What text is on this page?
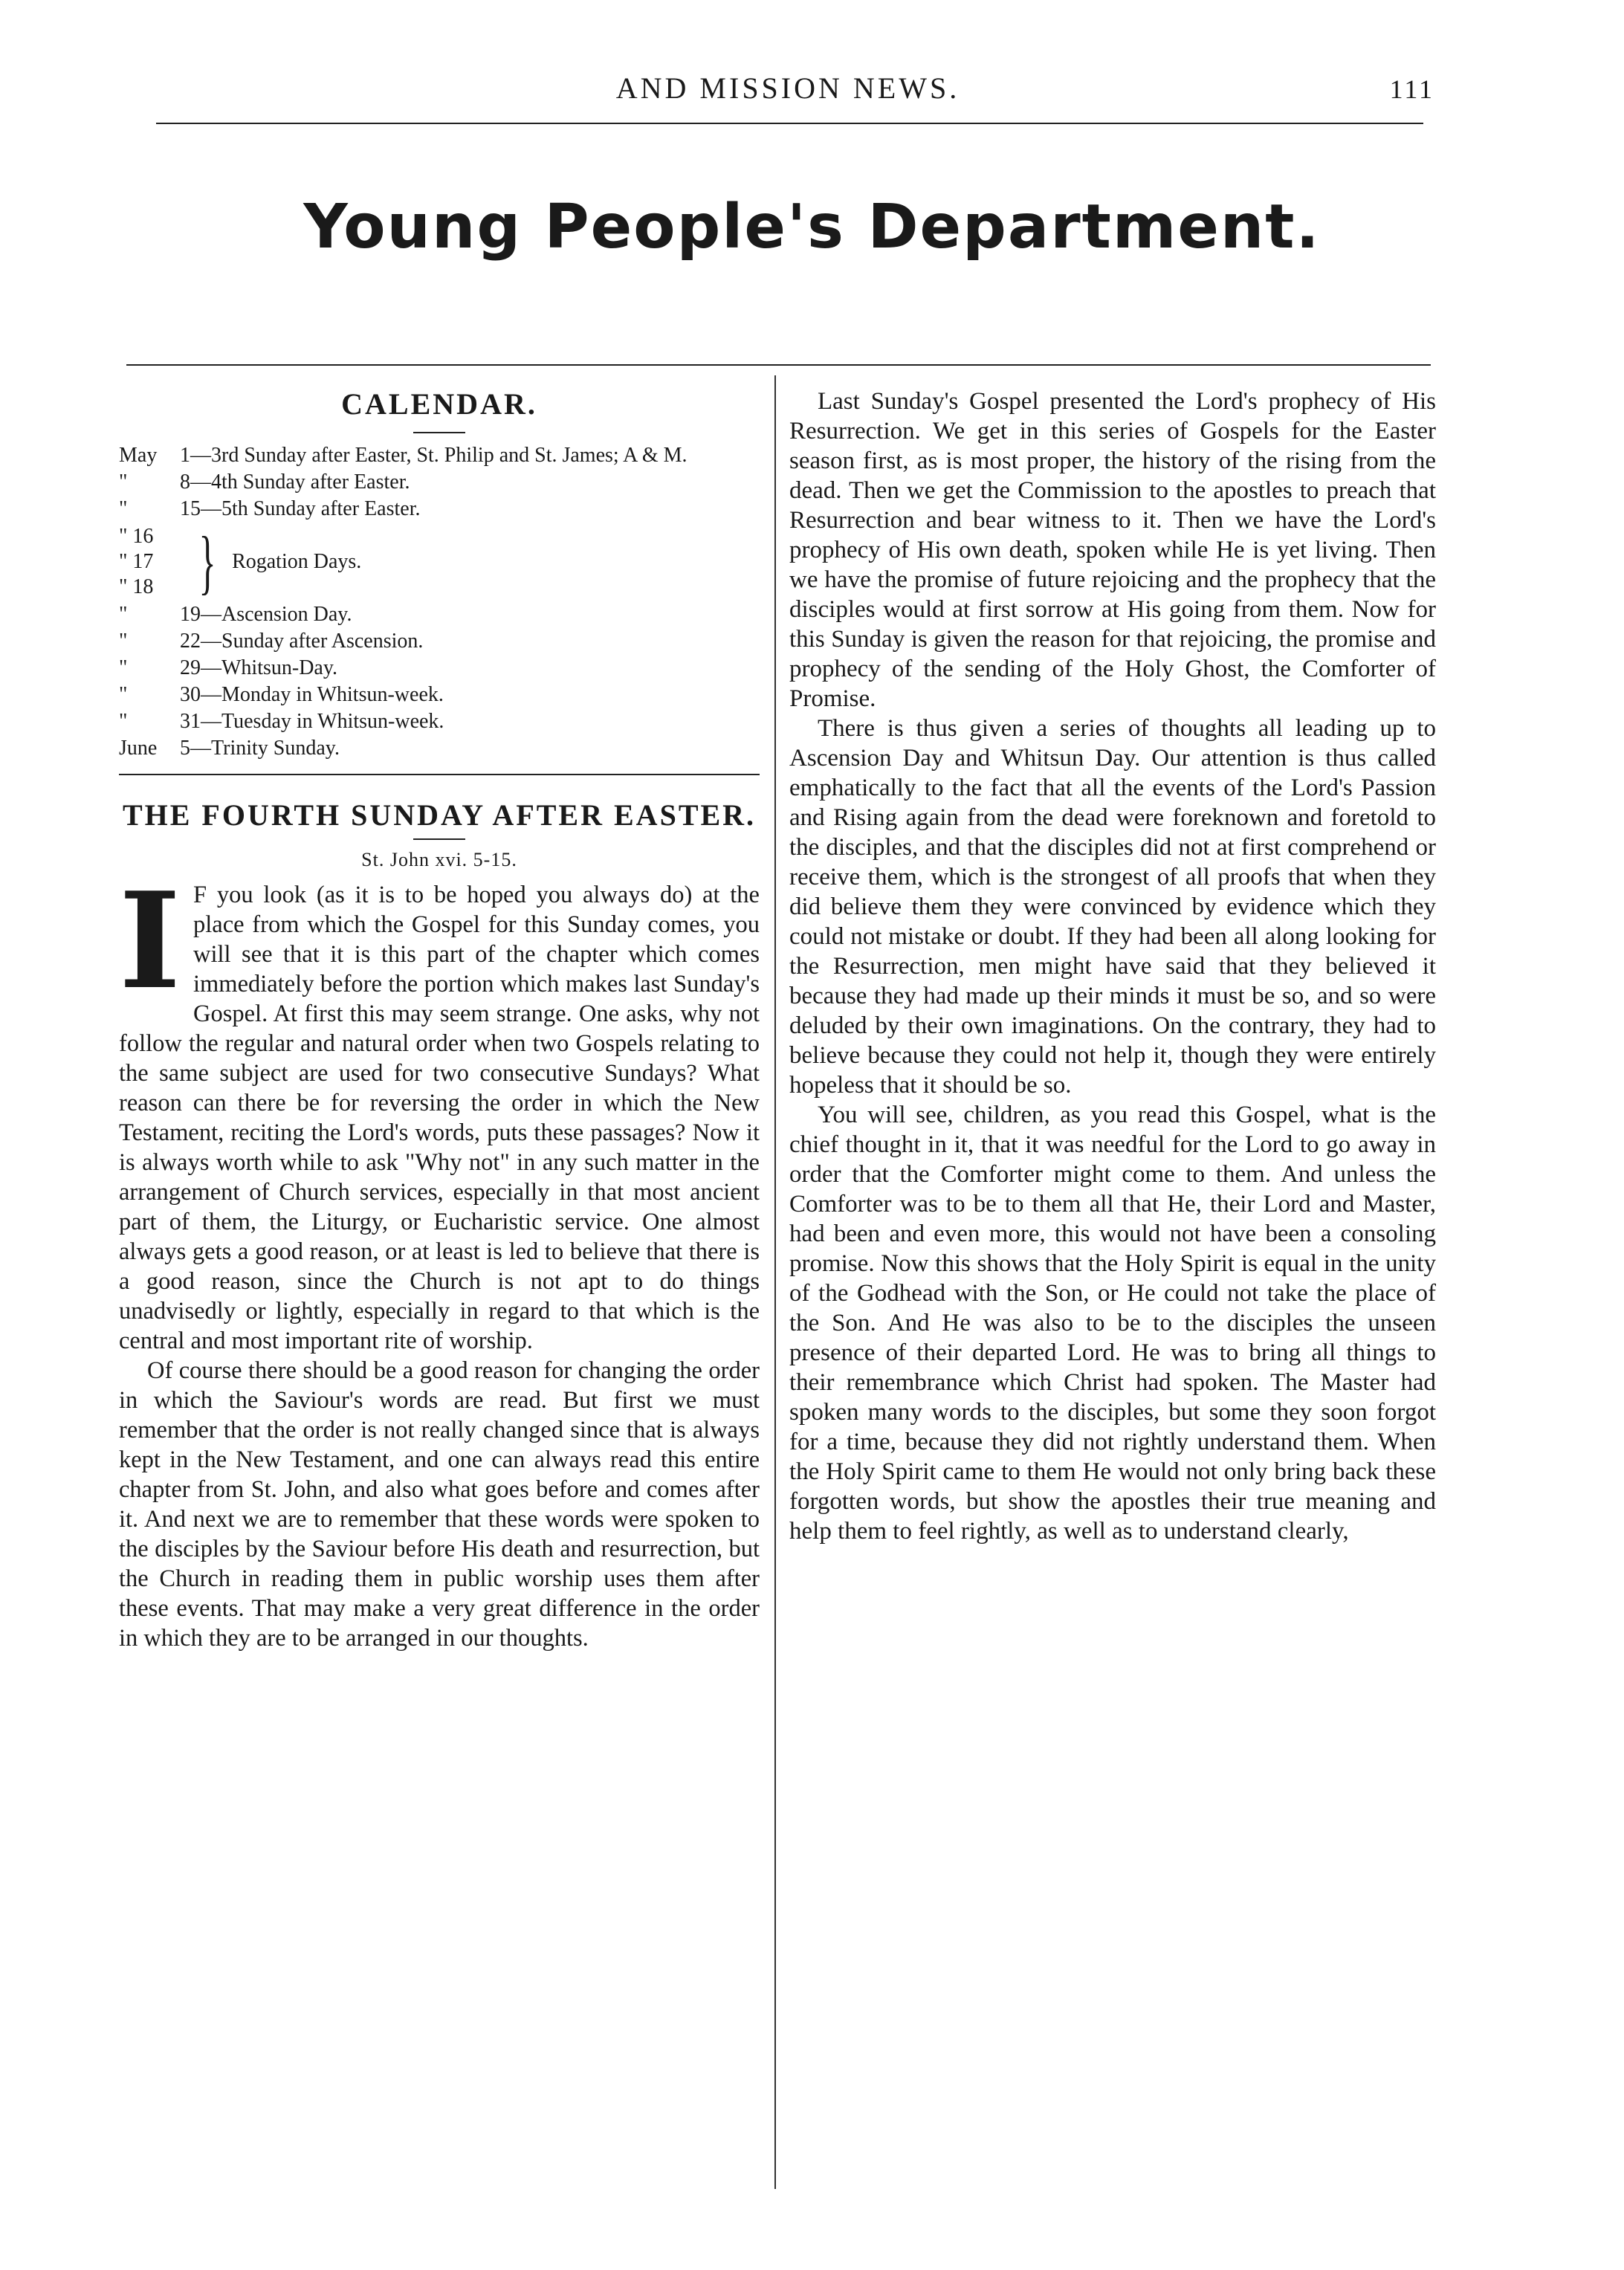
AND MISSION NEWS.	111
Young People's Department.
CALENDAR.
May	1—3rd Sunday after Easter, St. Philip and St. James; A & M.
"	8—4th Sunday after Easter.
"	15—5th Sunday after Easter.
" 16
" 17
" 18 } Rogation Days.
"	19—Ascension Day.
"	22—Sunday after Ascension.
"	29—Whitsun-Day.
"	30—Monday in Whitsun-week.
"	31—Tuesday in Whitsun-week.
June	5—Trinity Sunday.
THE FOURTH SUNDAY AFTER EASTER.
St. John xvi. 5-15.

I F you look (as it is to be hoped you always do) at the place from which the Gospel for this Sunday comes, you will see that it is this part of the chapter which comes immediately before the portion which makes last Sunday's Gospel. At first this may seem strange. One asks, why not follow the regular and natural order when two Gospels relating to the same subject are used for two consecutive Sundays? What reason can there be for reversing the order in which the New Testament, reciting the Lord's words, puts these passages? Now it is always worth while to ask "Why not" in any such matter in the arrangement of Church services, especially in that most ancient part of them, the Liturgy, or Eucharistic service. One almost always gets a good reason, or at least is led to believe that there is a good reason, since the Church is not apt to do things unadvisedly or lightly, especially in regard to that which is the central and most important rite of worship.

Of course there should be a good reason for changing the order in which the Saviour's words are read. But first we must remember that the order is not really changed since that is always kept in the New Testament, and one can always read this entire chapter from St. John, and also what goes before and comes after it. And next we are to remember that these words were spoken to the disciples by the Saviour before His death and resurrection, but the Church in reading them in public worship uses them after these events. That may make a very great difference in the order in which they are to be arranged in our thoughts.

Last Sunday's Gospel presented the Lord's prophecy of His Resurrection. We get in this series of Gospels for the Easter season first, as is most proper, the history of the rising from the dead. Then we get the Commission to the apostles to preach that Resurrection and bear witness to it. Then we have the Lord's prophecy of His own death, spoken while He is yet living. Then we have the promise of future rejoicing and the prophecy that the disciples would at first sorrow at His going from them. Now for this Sunday is given the reason for that rejoicing, the promise and prophecy of the sending of the Holy Ghost, the Comforter of Promise.

There is thus given a series of thoughts all leading up to Ascension Day and Whitsun Day. Our attention is thus called emphatically to the fact that all the events of the Lord's Passion and Rising again from the dead were foreknown and foretold to the disciples, and that the disciples did not at first comprehend or receive them, which is the strongest of all proofs that when they did believe them they were convinced by evidence which they could not mistake or doubt. If they had been all along looking for the Resurrection, men might have said that they believed it because they had made up their minds it must be so, and so were deluded by their own imaginations. On the contrary, they had to believe because they could not help it, though they were entirely hopeless that it should be so.

You will see, children, as you read this Gospel, what is the chief thought in it, that it was needful for the Lord to go away in order that the Comforter might come to them. And unless the Comforter was to be to them all that He, their Lord and Master, had been and even more, this would not have been a consoling promise. Now this shows that the Holy Spirit is equal in the unity of the Godhead with the Son, or He could not take the place of the Son. And He was also to be to the disciples the unseen presence of their departed Lord. He was to bring all things to their remembrance which Christ had spoken. The Master had spoken many words to the disciples, but some they soon forgot for a time, because they did not rightly understand them. When the Holy Spirit came to them He would not only bring back these forgotten words, but show the apostles their true meaning and help them to feel rightly, as well as to understand clearly,
